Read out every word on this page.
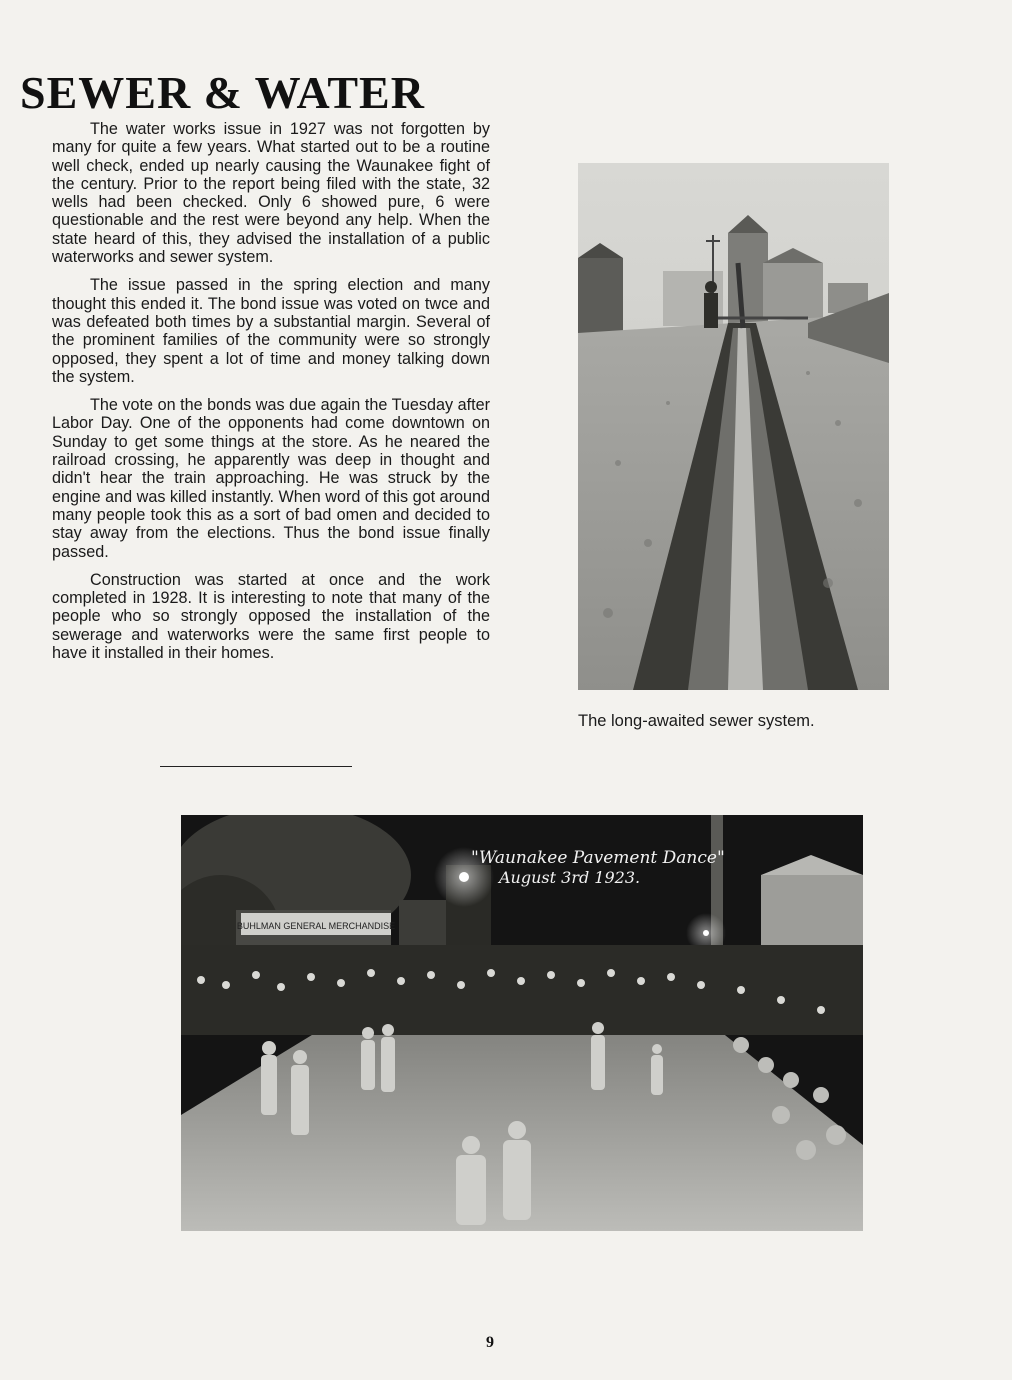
SEWER & WATER

The water works issue in 1927 was not forgotten by many for quite a few years. What started out to be a routine well check, ended up nearly causing the Waunakee fight of the century. Prior to the report being filed with the state, 32 wells had been checked. Only 6 showed pure, 6 were questionable and the rest were beyond any help. When the state heard of this, they advised the installation of a public waterworks and sewer system.

The issue passed in the spring election and many thought this ended it. The bond issue was voted on twce and was defeated both times by a substantial margin. Several of the prominent families of the community were so strongly opposed, they spent a lot of time and money talking down the system.

The vote on the bonds was due again the Tuesday after Labor Day. One of the opponents had come downtown on Sunday to get some things at the store. As he neared the railroad crossing, he apparently was deep in thought and didn't hear the train approaching. He was struck by the engine and was killed instantly. When word of this got around many people took this as a sort of bad omen and decided to stay away from the elections. Thus the bond issue finally passed.

Construction was started at once and the work completed in 1928. It is interesting to note that many of the people who so strongly opposed the installation of the sewerage and waterworks were the same first people to have it installed in their homes.

The long-awaited sewer system.
BUHLMAN GENERAL MERCHANDISE
"Waunakee Pavement Dance"
August 3rd 1923.
9
